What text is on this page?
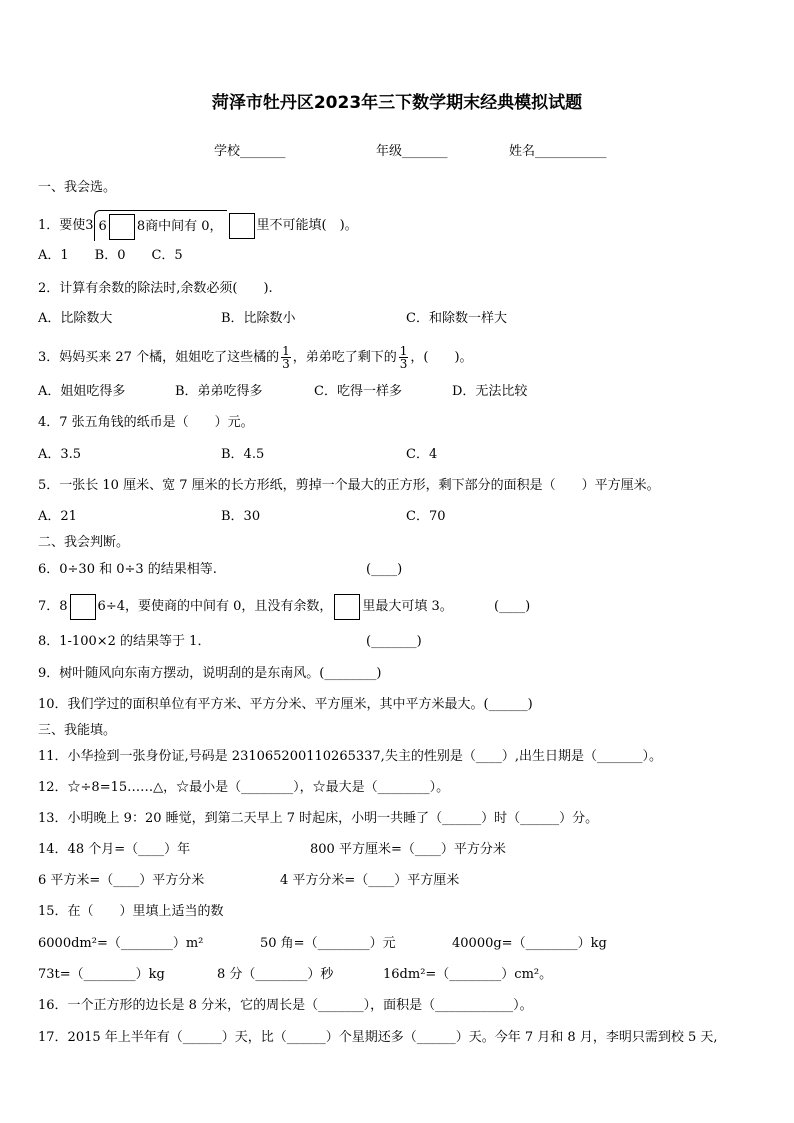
菏泽市牡丹区2023年三下数学期末经典模拟试题
学校_______	年级_______	姓名___________
一、我会选。
1．要使3 6 8商中间有 0，	里不可能填(　)。
A．1　　B．0　　C．5
2．计算有余数的除法时,余数必须(　　).
A．比除数大	B．比除数小	C．和除数一样大
3．妈妈买来 27 个橘，姐姐吃了这些橘的 $\frac{1}{3}$ ，弟弟吃了剩下的 $\frac{1}{3}$ ，(　　)。
A．姐姐吃得多	B．弟弟吃得多	C．吃得一样多	D．无法比较
4．7 张五角钱的纸币是（　　）元。
A．3.5	B．4.5	C．4
5．一张长 10 厘米、宽 7 厘米的长方形纸，剪掉一个最大的正方形，剩下部分的面积是（　　）平方厘米。
A．21	B．30	C．70
二、我会判断。
6．0÷30 和 0÷3 的结果相等.	(____)
7．8 6÷4，要使商的中间有 0，且没有余数， 里最大可填 3。	(____)
8．1-100×2 的结果等于 1．	(_______)
9．树叶随风向东南方摆动，说明刮的是东南风。(________)
10．我们学过的面积单位有平方米、平方分米、平方厘米，其中平方米最大。(______)
三、我能填。
11．小华捡到一张身份证,号码是 231065200110265337,失主的性别是（____）,出生日期是（_______）。
12．☆÷8=15……△，☆最小是（________），☆最大是（________）。
13．小明晚上 9：20 睡觉，到第二天早上 7 时起床，小明一共睡了（______）时（______）分。
14．48 个月=（____）年	800 平方厘米=（____）平方分米
6 平方米=（____）平方分米	4 平方分米=（____）平方厘米
15．在（　　）里填上适当的数
6000dm²=（________）m²	50 角=（________）元	40000g=（________）kg
73t=（________）kg	8 分（________）秒	16dm²=（________）cm²。
16．一个正方形的边长是 8 分米，它的周长是（_______），面积是（____________）。
17．2015 年上半年有（______）天，比（______）个星期还多（______）天。今年 7 月和 8 月，李明只需到校 5 天,
